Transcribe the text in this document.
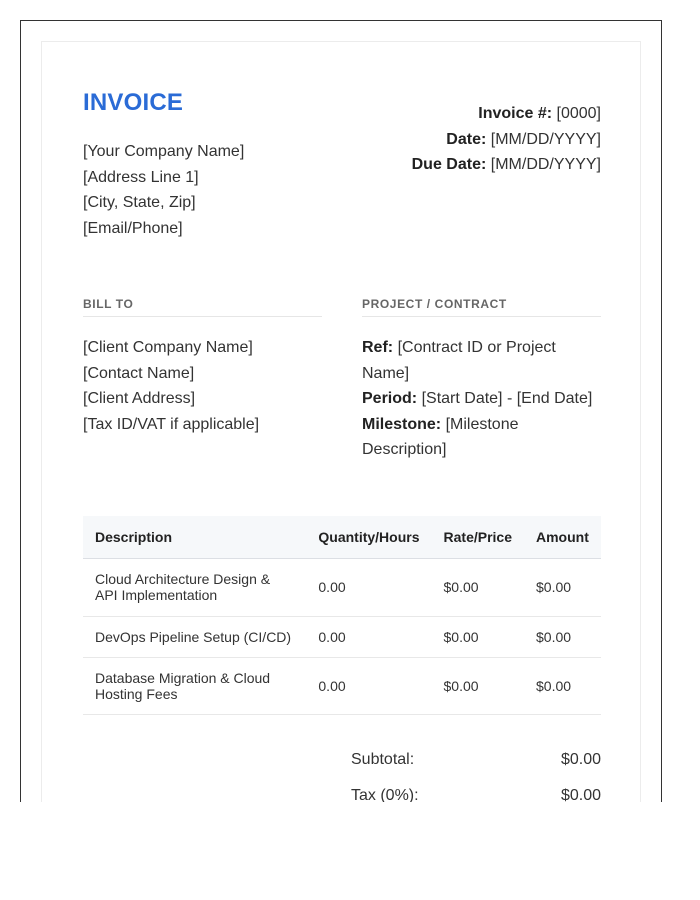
INVOICE
[Your Company Name]
[Address Line 1]
[City, State, Zip]
[Email/Phone]
Invoice #: [0000]
Date: [MM/DD/YYYY]
Due Date: [MM/DD/YYYY]
BILL TO
[Client Company Name]
[Contact Name]
[Client Address]
[Tax ID/VAT if applicable]
PROJECT / CONTRACT
Ref: [Contract ID or Project Name]
Period: [Start Date] - [End Date]
Milestone: [Milestone Description]
Description	Quantity/Hours	Rate/Price	Amount
Cloud Architecture Design & API Implementation	0.00	$0.00	$0.00
DevOps Pipeline Setup (CI/CD)	0.00	$0.00	$0.00
Database Migration & Cloud Hosting Fees	0.00	$0.00	$0.00
Subtotal:	$0.00
Tax (0%):	$0.00
